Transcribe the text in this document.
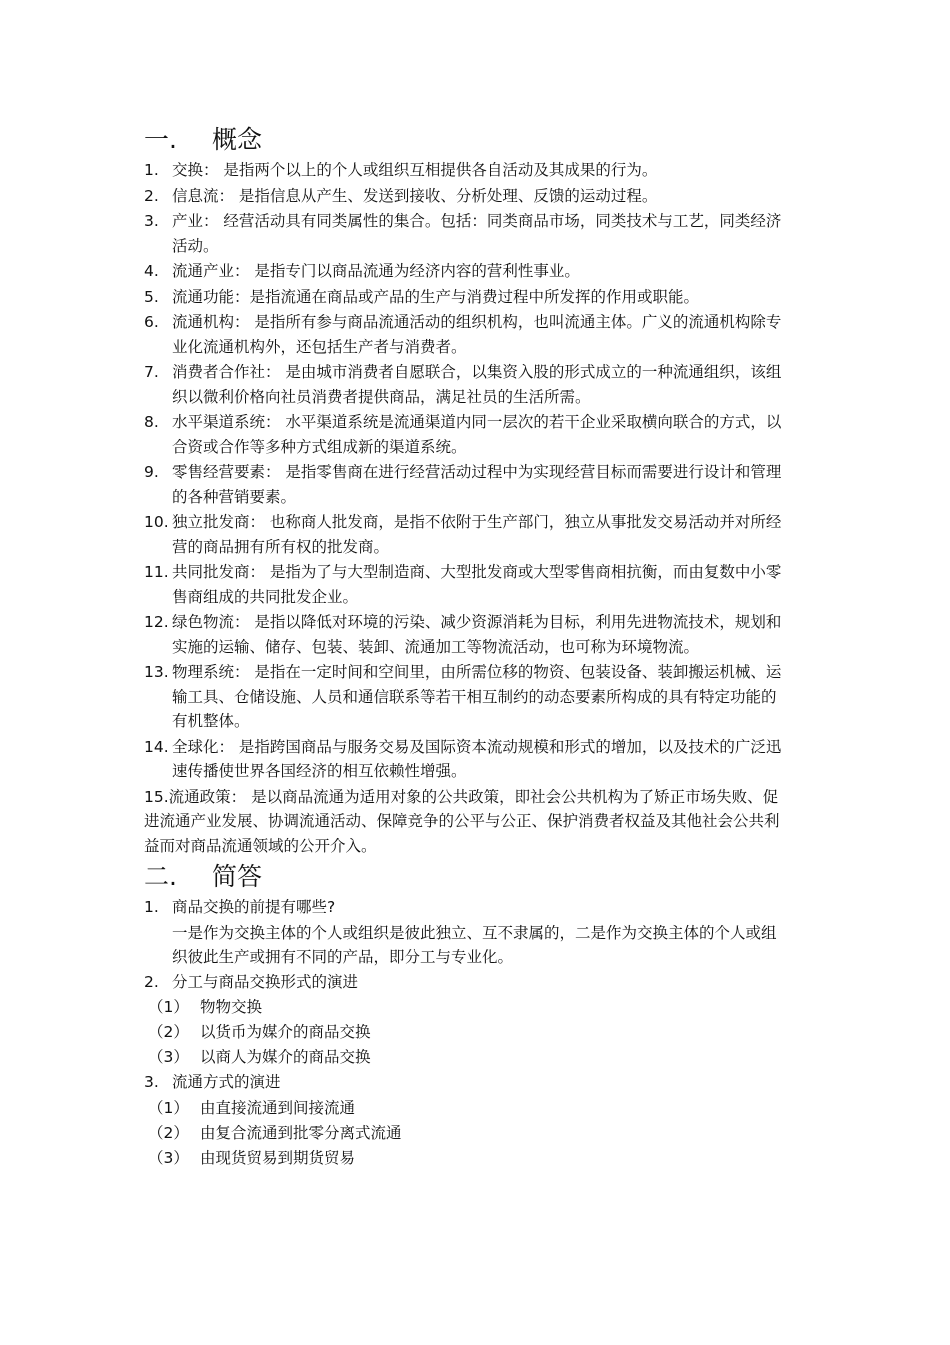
一.	概念
1. 交换： 是指两个以上的个人或组织互相提供各自活动及其成果的行为。
2. 信息流： 是指信息从产生、发送到接收、分析处理、反馈的运动过程。
3. 产业： 经营活动具有同类属性的集合。包括：同类商品市场，同类技术与工艺，同类经济活动。
4. 流通产业： 是指专门以商品流通为经济内容的营利性事业。
5. 流通功能：是指流通在商品或产品的生产与消费过程中所发挥的作用或职能。
6. 流通机构： 是指所有参与商品流通活动的组织机构，也叫流通主体。广义的流通机构除专业化流通机构外，还包括生产者与消费者。
7. 消费者合作社： 是由城市消费者自愿联合，以集资入股的形式成立的一种流通组织，该组织以微利价格向社员消费者提供商品，满足社员的生活所需。
8. 水平渠道系统： 水平渠道系统是流通渠道内同一层次的若干企业采取横向联合的方式，以合资或合作等多种方式组成新的渠道系统。
9. 零售经营要素： 是指零售商在进行经营活动过程中为实现经营目标而需要进行设计和管理的各种营销要素。
10. 独立批发商： 也称商人批发商，是指不依附于生产部门，独立从事批发交易活动并对所经营的商品拥有所有权的批发商。
11. 共同批发商： 是指为了与大型制造商、大型批发商或大型零售商相抗衡，而由复数中小零售商组成的共同批发企业。
12. 绿色物流： 是指以降低对环境的污染、减少资源消耗为目标，利用先进物流技术，规划和实施的运输、储存、包装、装卸、流通加工等物流活动，也可称为环境物流。
13. 物理系统： 是指在一定时间和空间里，由所需位移的物资、包装设备、装卸搬运机械、运输工具、仓储设施、人员和通信联系等若干相互制约的动态要素所构成的具有特定功能的有机整体。
14. 全球化： 是指跨国商品与服务交易及国际资本流动规模和形式的增加，以及技术的广泛迅速传播使世界各国经济的相互依赖性增强。
15.流通政策： 是以商品流通为适用对象的公共政策，即社会公共机构为了矫正市场失败、促进流通产业发展、协调流通活动、保障竞争的公平与公正、保护消费者权益及其他社会公共利益而对商品流通领域的公开介入。
二.	简答
1. 商品交换的前提有哪些?
一是作为交换主体的个人或组织是彼此独立、互不隶属的，二是作为交换主体的个人或组织彼此生产或拥有不同的产品，即分工与专业化。
2. 分工与商品交换形式的演进
（1） 物物交换
（2） 以货币为媒介的商品交换
（3） 以商人为媒介的商品交换
3. 流通方式的演进
（1） 由直接流通到间接流通
（2） 由复合流通到批零分离式流通
（3） 由现货贸易到期货贸易
